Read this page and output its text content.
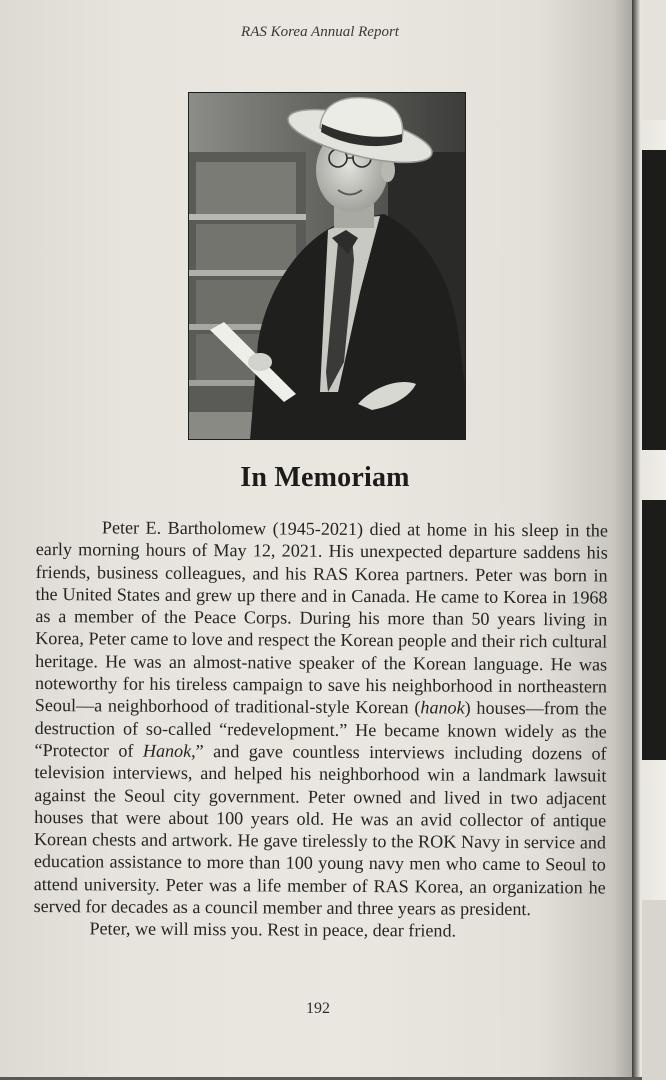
RAS Korea Annual Report
In Memoriam

Peter E. Bartholomew (1945-2021) died at home in his sleep in the early morning hours of May 12, 2021. His unexpected departure saddens his friends, business colleagues, and his RAS Korea partners. Peter was born in the United States and grew up there and in Canada. He came to Korea in 1968 as a member of the Peace Corps. During his more than 50 years living in Korea, Peter came to love and respect the Korean people and their rich cultural heritage. He was an almost-native speaker of the Korean language. He was noteworthy for his tireless campaign to save his neighborhood in northeastern Seoul—a neighborhood of traditional-style Korean (hanok) houses—from the destruction of so-called “redevelopment.” He became known widely as the “Protector of Hanok,” and gave countless interviews including dozens of television interviews, and helped his neighborhood win a landmark lawsuit against the Seoul city government. Peter owned and lived in two adjacent houses that were about 100 years old. He was an avid collector of antique Korean chests and artwork. He gave tirelessly to the ROK Navy in service and education assistance to more than 100 young navy men who came to Seoul to attend university. Peter was a life member of RAS Korea, an organization he served for decades as a council member and three years as president.

Peter, we will miss you. Rest in peace, dear friend.

192
